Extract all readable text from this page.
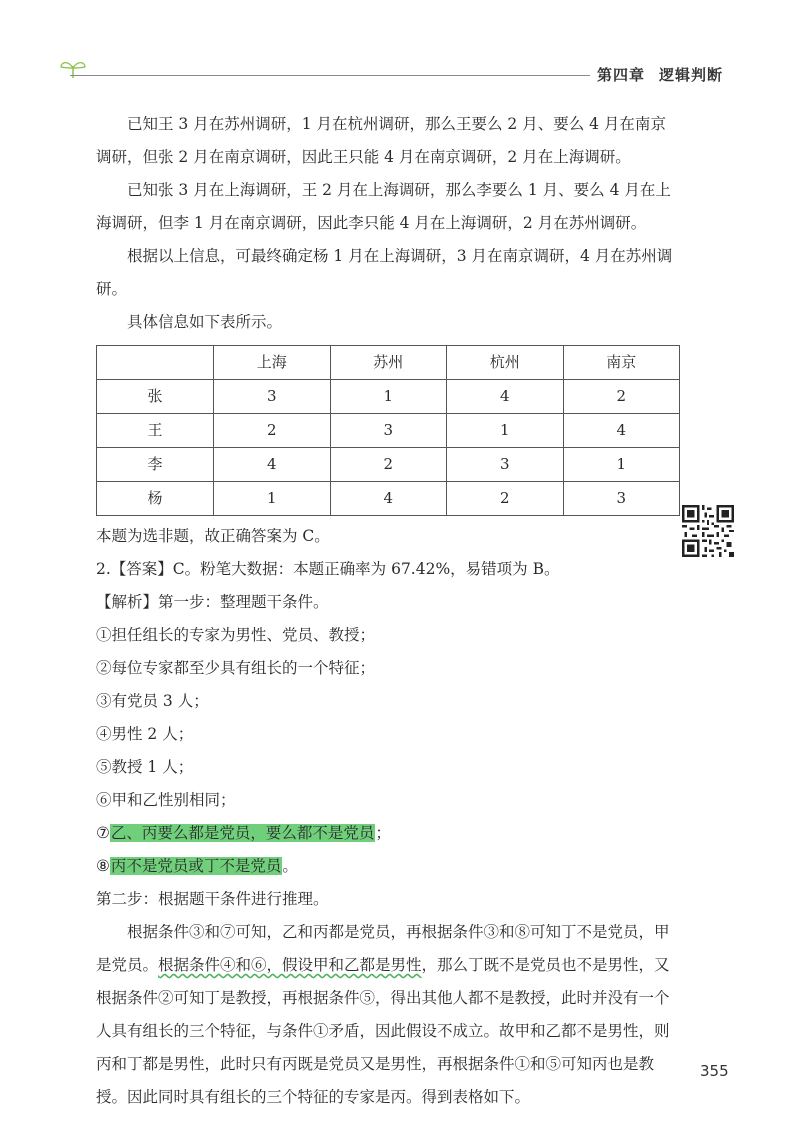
第四章 逻辑判断

已知王 3 月在苏州调研，1 月在杭州调研，那么王要么 2 月、要么 4 月在南京调研，但张 2 月在南京调研，因此王只能 4 月在南京调研，2 月在上海调研。

已知张 3 月在上海调研，王 2 月在上海调研，那么李要么 1 月、要么 4 月在上海调研，但李 1 月在南京调研，因此李只能 4 月在上海调研，2 月在苏州调研。

根据以上信息，可最终确定杨 1 月在上海调研，3 月在南京调研，4 月在苏州调研。

具体信息如下表所示。

	上海	苏州	杭州	南京
张	3	1	4	2
王	2	3	1	4
李	4	2	3	1
杨	1	4	2	3

本题为选非题，故正确答案为 C。

2.【答案】C。粉笔大数据：本题正确率为 67.42%，易错项为 B。

【解析】第一步：整理题干条件。

①担任组长的专家为男性、党员、教授；

②每位专家都至少具有组长的一个特征；

③有党员 3 人；

④男性 2 人；

⑤教授 1 人；

⑥甲和乙性别相同；

⑦乙、丙要么都是党员，要么都不是党员；

⑧丙不是党员或丁不是党员。

第二步：根据题干条件进行推理。

根据条件③和⑦可知，乙和丙都是党员，再根据条件③和⑧可知丁不是党员，甲是党员。根据条件④和⑥，假设甲和乙都是男性，那么丁既不是党员也不是男性，又根据条件②可知丁是教授，再根据条件⑤，得出其他人都不是教授，此时并没有一个人具有组长的三个特征，与条件①矛盾，因此假设不成立。故甲和乙都不是男性，则丙和丁都是男性，此时只有丙既是党员又是男性，再根据条件①和⑤可知丙也是教授。因此同时具有组长的三个特征的专家是丙。得到表格如下。

355
